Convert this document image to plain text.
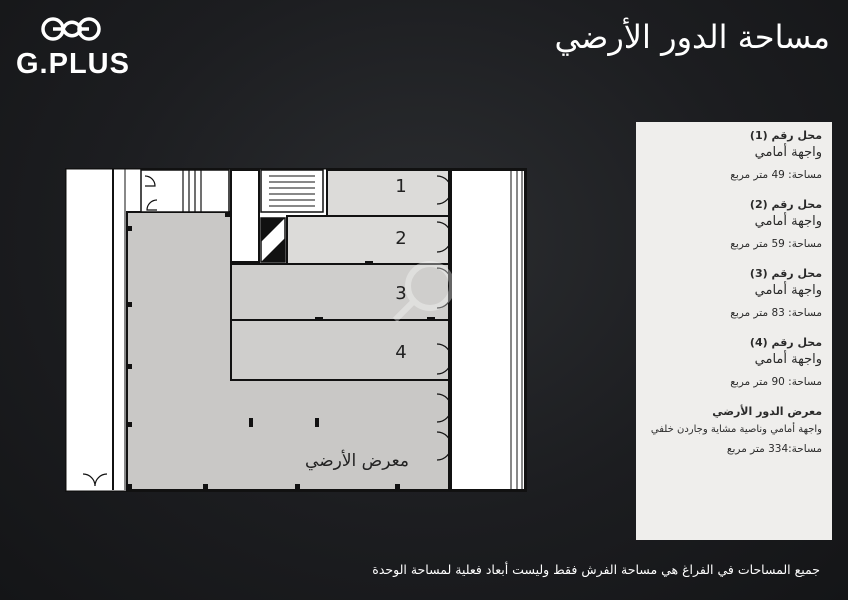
G.PLUS
مساحة الدور الأرضي
1
2
3
4
معرض الأرضي
محل رقم (1)
واجهة أمامي
مساحة: 49 متر مربع
محل رقم (2)
واجهة أمامي
مساحة: 59 متر مربع
محل رقم (3)
واجهة أمامي
مساحة: 83 متر مربع
محل رقم (4)
واجهة أمامي
مساحة: 90 متر مربع
معرض الدور الأرضي
واجهة أمامي وناصية مشاية وجاردن خلفي
مساحة:334 متر مربع
جميع المساحات في الفراغ هي مساحة الفرش فقط وليست أبعاد فعلية لمساحة الوحدة
